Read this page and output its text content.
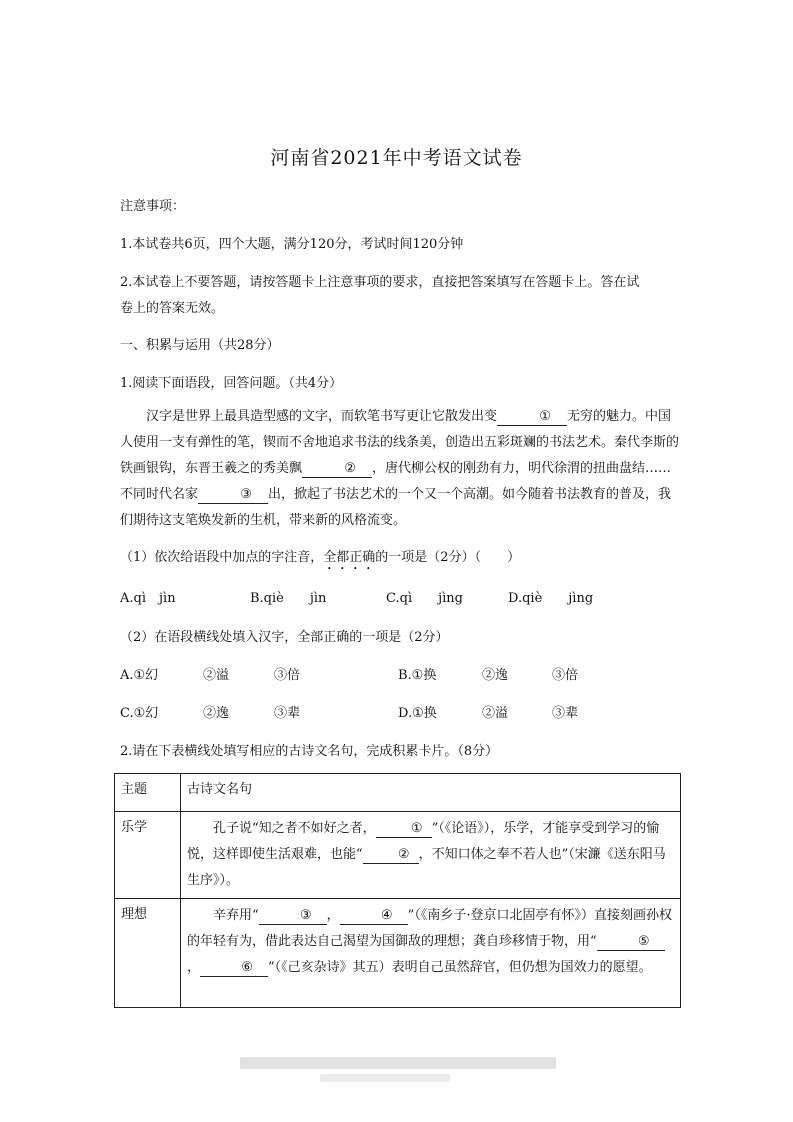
河南省2021年中考语文试卷
注意事项：
1.本试卷共6页，四个大题，满分120分，考试时间120分钟
2.本试卷上不要答题，请按答题卡上注意事项的要求，直接把答案填写在答题卡上。答在试
卷上的答案无效。
一、积累与运用（共28分）
1.阅读下面语段，回答问题。（共4分）
汉字是世界上最具造型感的文字，而软笔书写更让它散发出变	① 无穷的魅力。中国人使用一支有弹性的笔，锲而不舍地追求书法的线条美，创造出五彩斑斓的书法艺术。秦代李斯的铁画银钩，东晋王羲之的秀美飘	② ，唐代柳公权的刚劲有力，明代徐渭的扭曲盘结……不同时代名家	③ 出，掀起了书法艺术的一个又一个高潮。如今随着书法教育的普及，我们期待这支笔焕发新的生机，带来新的风格流变。
（1）依次给语段中加点的字注音，全都正确的一项是（2分）（　　）
A.qì　jìn	B.qiè　　jìn	C.qì　　jìng	D.qiè　　jìng
（2）在语段横线处填入汉字，全部正确的一项是（2分）
A.①幻	②溢	③倍	B.①换	②逸	③倍
C.①幻	②逸	③辈	D.①换	②溢	③辈
2.请在下表横线处填写相应的古诗文名句，完成积累卡片。（8分）
主题	古诗文名句
乐学	孔子说“知之者不如好之者， ① ”（《论语》），乐学，才能享受到学习的愉悦，这样即使生活艰难，也能“ ② ，不知口体之奉不若人也”（宋濂《送东阳马生序》）。

理想	辛弃用“ ③ ， ④ ”（《南乡子·登京口北固亭有怀》）直接刻画孙权的年轻有为，借此表达自己渴望为国御敌的理想；龚自珍移情于物，用“ ⑤， ⑥ ”（《己亥杂诗》其五）表明自己虽然辞官，但仍想为国效力的愿望。
